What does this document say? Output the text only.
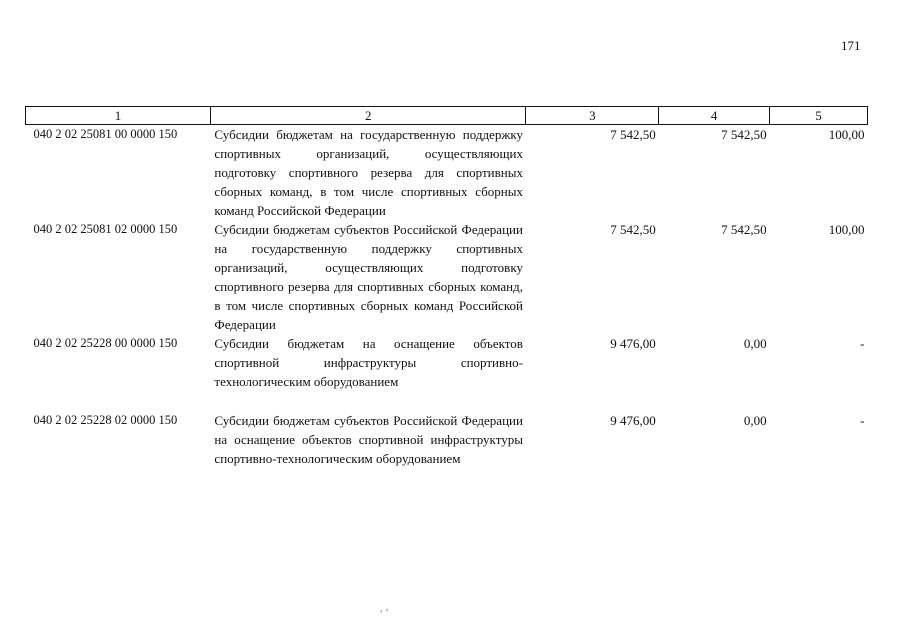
171
1	2	3	4	5
040 2 02 25081 00 0000 150	Субсидии бюджетам на государственную поддержку спортивных организаций, осуществляющих подготовку спортивного резерва для спортивных сборных команд, в том числе спортивных сборных команд Российской Федерации	7 542,50	7 542,50	100,00
040 2 02 25081 02 0000 150	Субсидии бюджетам субъектов Российской Федерации на государственную поддержку спортивных организаций, осуществляющих подготовку спортивного резерва для спортивных сборных команд, в том числе спортивных сборных команд Российской Федерации	7 542,50	7 542,50	100,00
040 2 02 25228 00 0000 150	Субсидии бюджетам на оснащение объектов спортивной инфраструктуры спортивно-технологическим оборудованием	9 476,00	0,00	-

040 2 02 25228 02 0000 150	Субсидии бюджетам субъектов Российской Федерации на оснащение объектов спортивной инфраструктуры спортивно-технологическим оборудованием	9 476,00	0,00	-
‘ ’
